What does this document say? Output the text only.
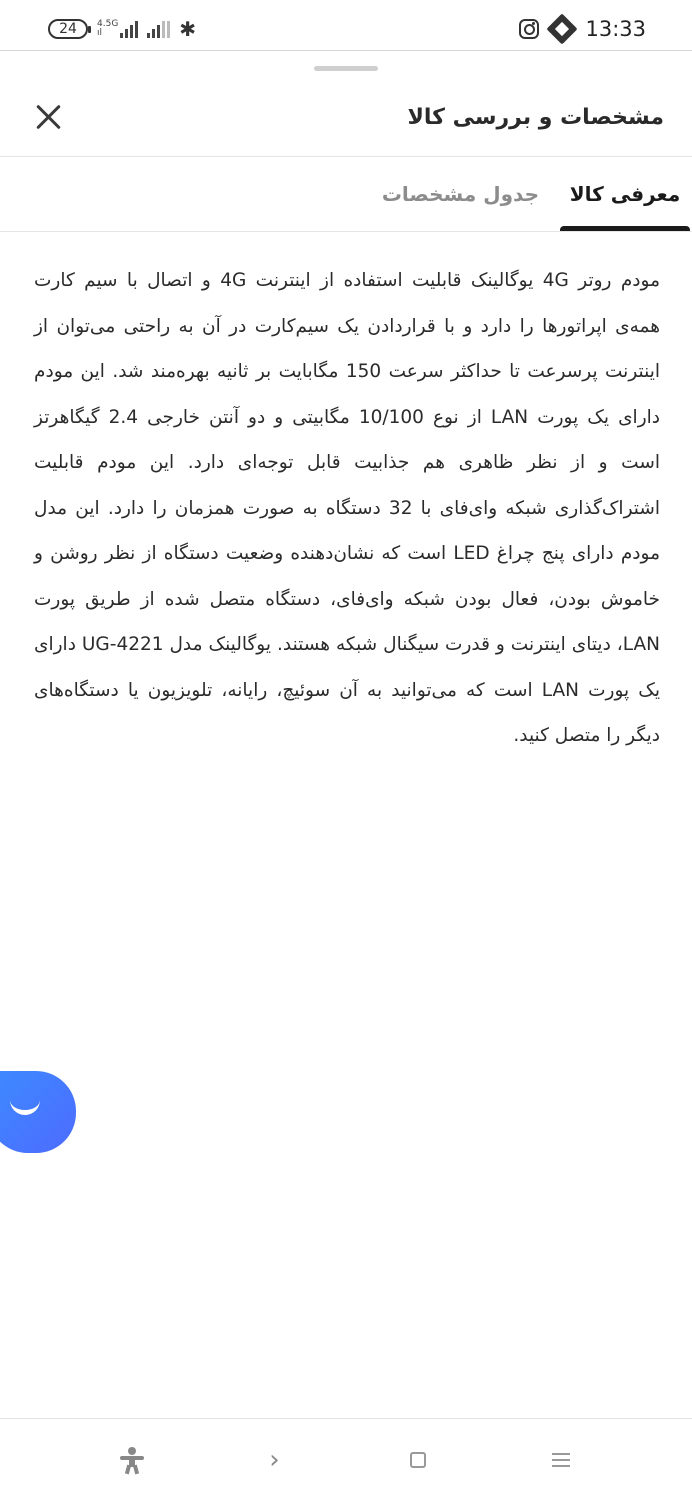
24	4.5G
ıl	✱	13:33
مشخصات و بررسی کالا
معرفی کالا
جدول مشخصات
مودم روتر 4G یوگالینک قابلیت استفاده از اینترنت 4G و اتصال با سیم کارت همه‌ی اپراتورها را دارد و با قراردادن یک سیم‌کارت در آن به راحتی می‌توان از اینترنت پرسرعت تا حداکثر سرعت 150 مگابایت بر ثانیه بهره‌مند شد. این مودم دارای یک پورت LAN از نوع 10/100 مگابیتی و دو آنتن خارجی 2.4 گیگاهرتز است و از نظر ظاهری هم جذابیت قابل توجه‌ای دارد. این مودم قابلیت اشتراک‌گذاری شبکه وای‌فای با 32 دستگاه به صورت همزمان را دارد. این مدل مودم دارای پنج چراغ LED است که نشان‌دهنده وضعیت دستگاه از نظر روشن و خاموش بودن، فعال بودن شبکه وای‌فای، دستگاه متصل شده از طریق پورت LAN، دیتای اینترنت و قدرت سیگنال شبکه هستند. یوگالینک مدل UG-4221 دارای یک پورت LAN است که می‌توانید به آن سوئیچ، رایانه، تلویزیون یا دستگاه‌های دیگر را متصل کنید.
›
